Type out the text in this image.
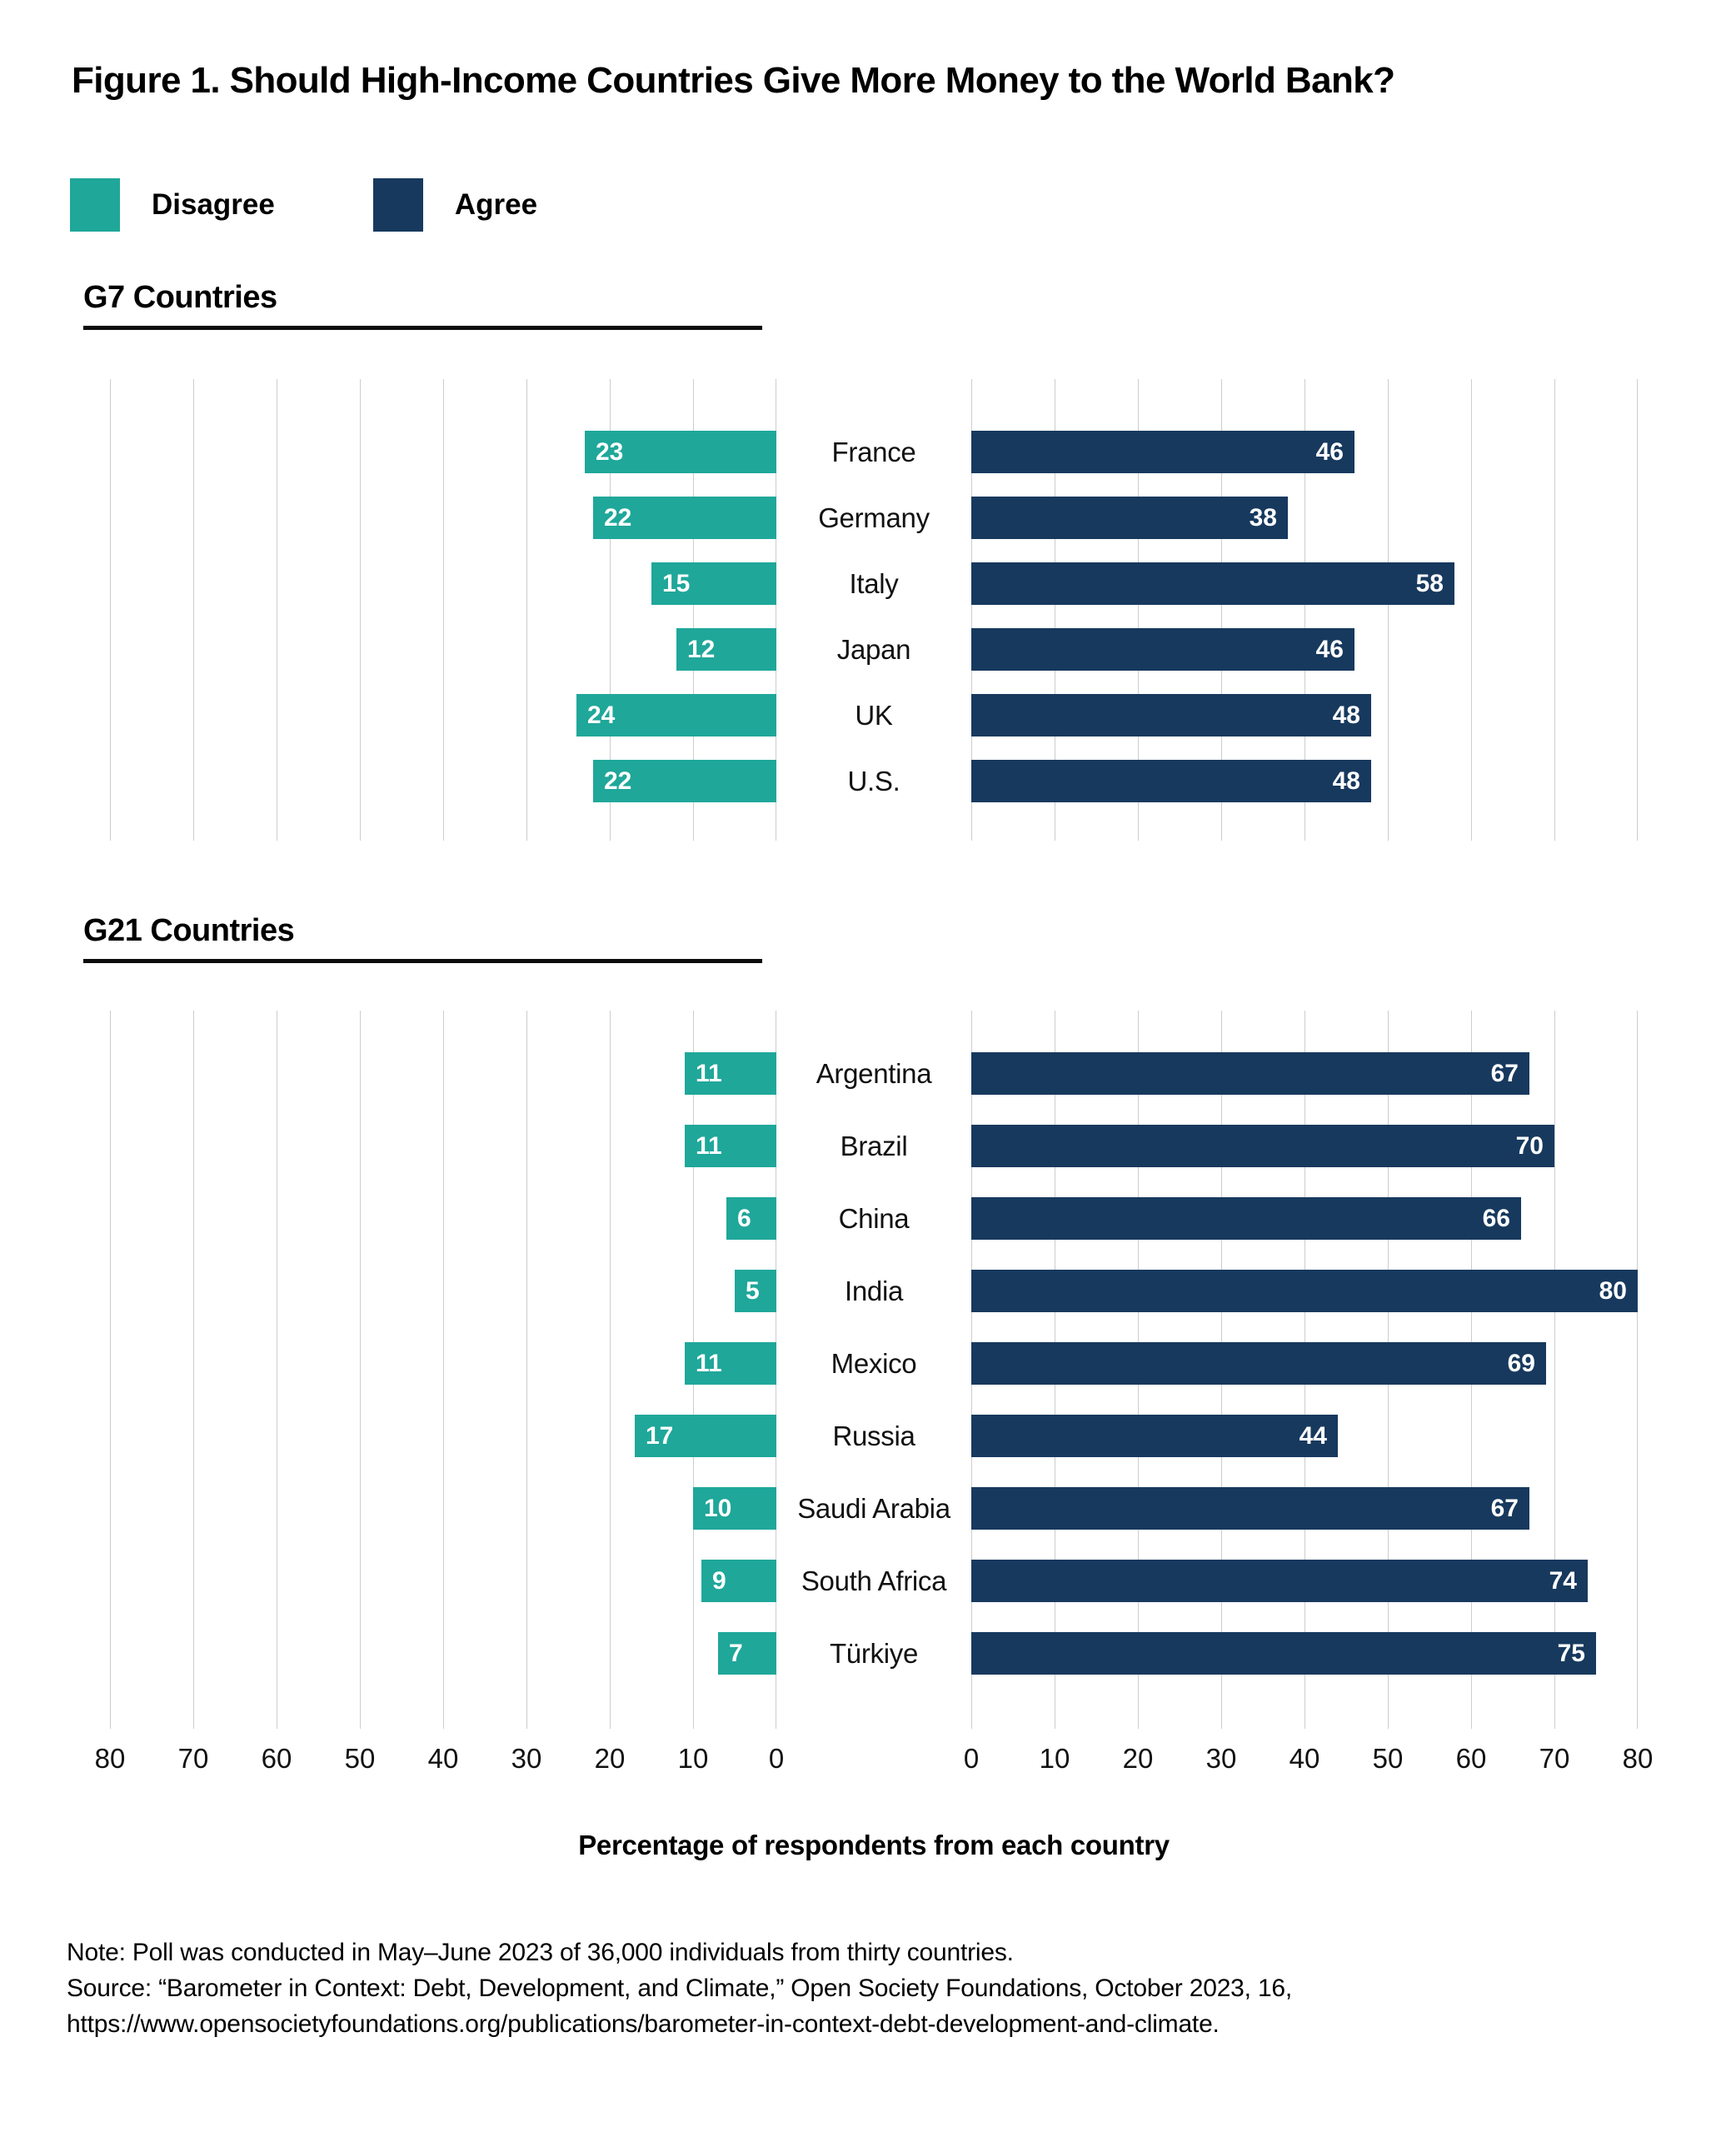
Figure 1. Should High-Income Countries Give More Money to the World Bank?
Disagree	Agree
G7 Countries
23
22
15
12
24
22
France
Germany
Italy
Japan
UK
U.S.
46
38
58
46
48
48
G21 Countries
11
11
6
5
11
17
10
9
7
Argentina
Brazil
China
India
Mexico
Russia
Saudi Arabia
South Africa
Türkiye
67
70
66
80
69
44
67
74
75
80 70 60 50 40 30 20 10 0	0 10 20 30 40 50 60 70 80
Percentage of respondents from each country

Note: Poll was conducted in May–June 2023 of 36,000 individuals from thirty countries.

Source: “Barometer in Context: Debt, Development, and Climate,” Open Society Foundations, October 2023, 16,

https://www.opensocietyfoundations.org/publications/barometer-in-context-debt-development-and-climate.
